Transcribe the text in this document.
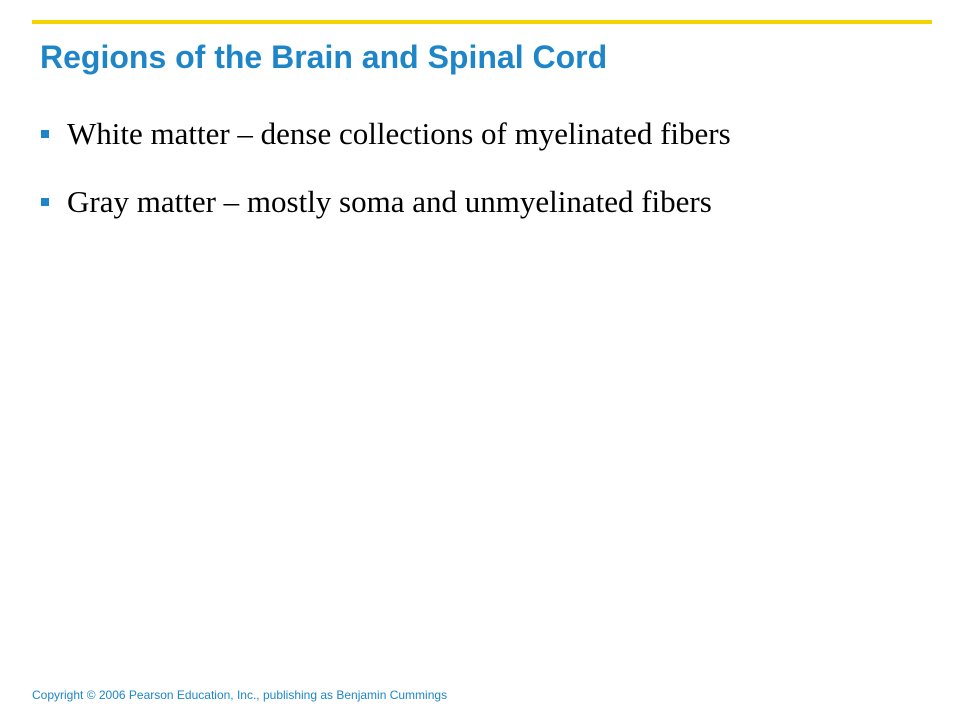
Regions of the Brain and Spinal Cord
White matter – dense collections of myelinated fibers
Gray matter – mostly soma and unmyelinated fibers
Copyright © 2006 Pearson Education, Inc., publishing as Benjamin Cummings
